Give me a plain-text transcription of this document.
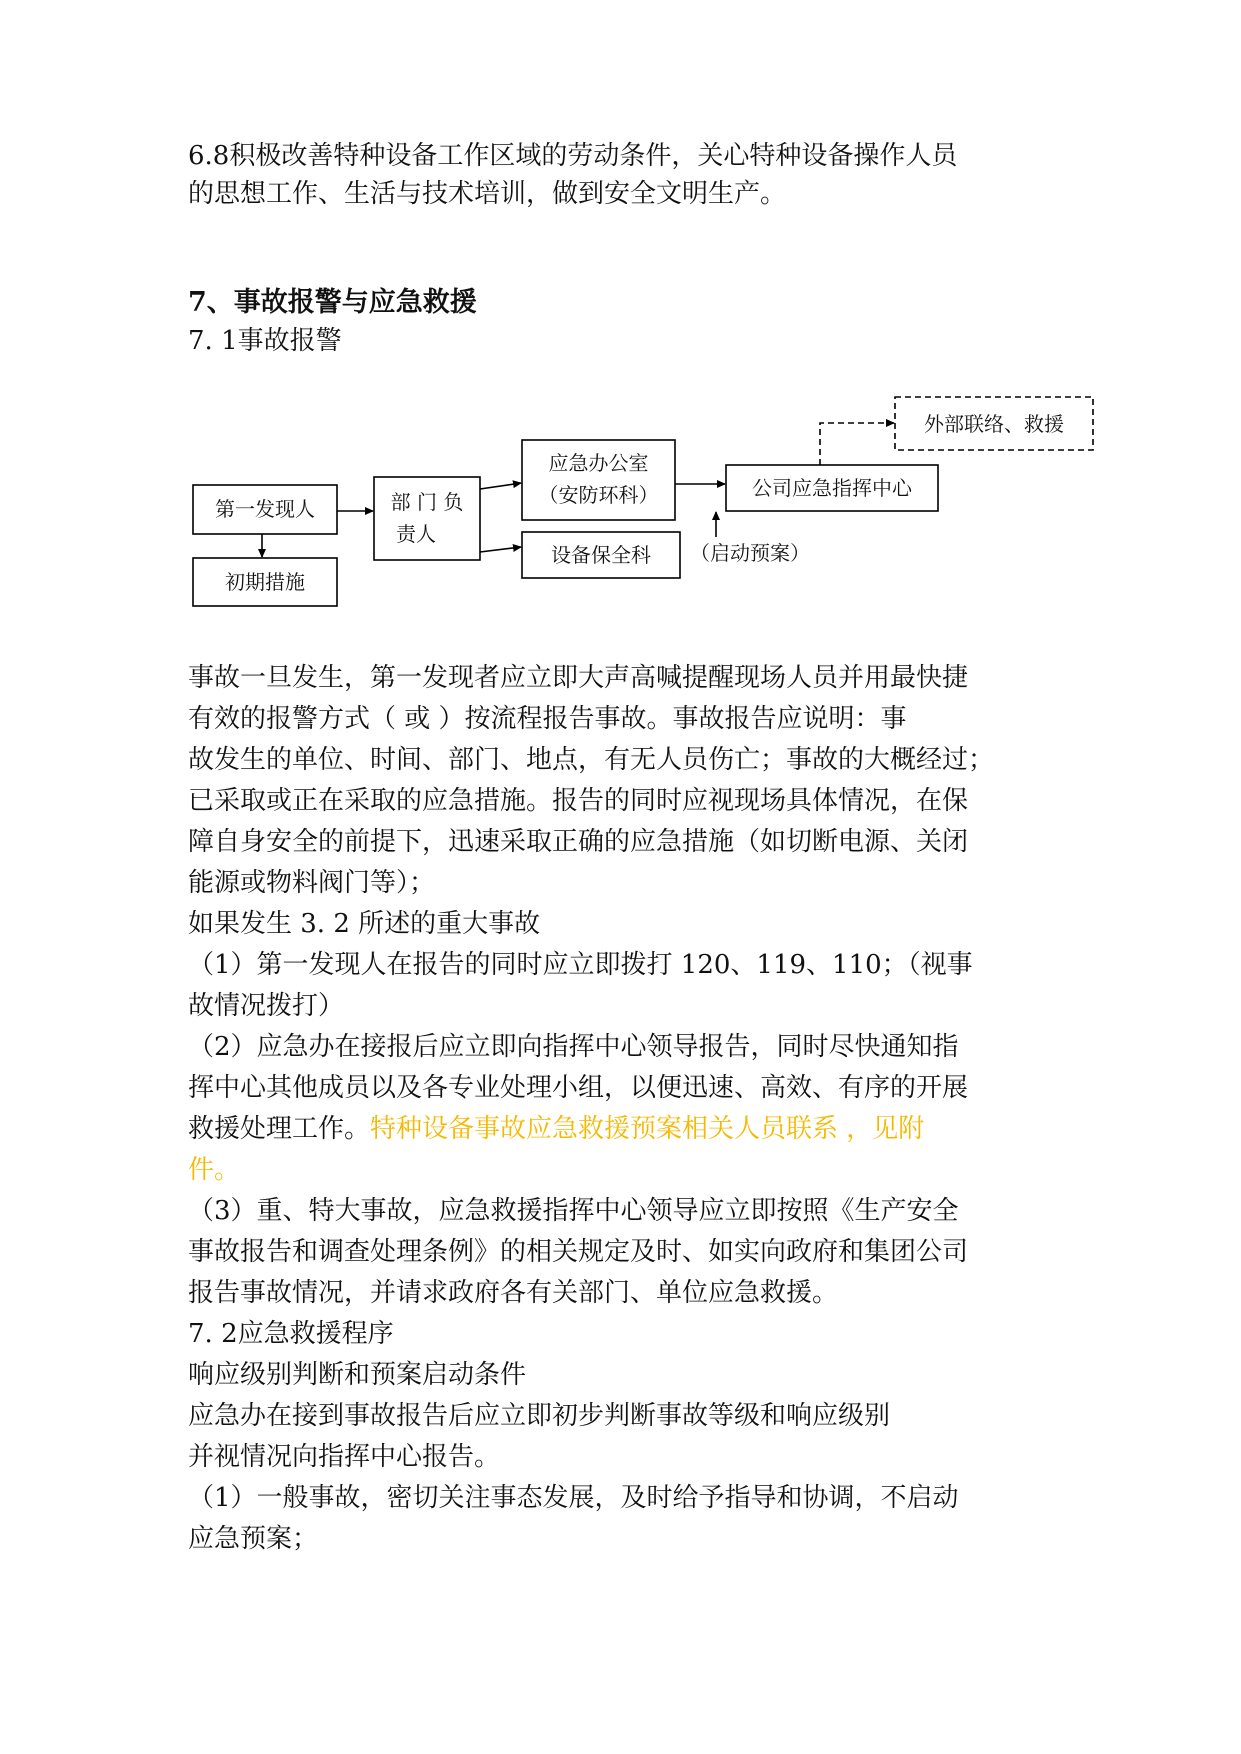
6.8积极改善特种设备工作区域的劳动条件，关心特种设备操作人员
的思想工作、生活与技术培训，做到安全文明生产。
7、事故报警与应急救援
7. 1事故报警
第一发现人
初期措施
部 门 负
责人
应急办公室
（安防环科）
设备保全科
公司应急指挥中心
外部联络、救援
（启动预案）
事故一旦发生，第一发现者应立即大声高喊提醒现场人员并用最快捷
有效的报警方式（ 或 ）按流程报告事故。事故报告应说明：事
故发生的单位、时间、部门、地点，有无人员伤亡；事故的大概经过；
已采取或正在采取的应急措施。报告的同时应视现场具体情况，在保
障自身安全的前提下，迅速采取正确的应急措施（如切断电源、关闭
能源或物料阀门等）；
如果发生 3. 2 所述的重大事故
（1）第一发现人在报告的同时应立即拨打 120、119、110；（视事
故情况拨打）
（2）应急办在接报后应立即向指挥中心领导报告，同时尽快通知指
挥中心其他成员以及各专业处理小组，以便迅速、高效、有序的开展
救援处理工作。特种设备事故应急救援预案相关人员联系 ，见附
件。
（3）重、特大事故，应急救援指挥中心领导应立即按照《生产安全
事故报告和调查处理条例》的相关规定及时、如实向政府和集团公司
报告事故情况，并请求政府各有关部门、单位应急救援。
7. 2应急救援程序
响应级别判断和预案启动条件
应急办在接到事故报告后应立即初步判断事故等级和响应级别
并视情况向指挥中心报告。
（1）一般事故，密切关注事态发展，及时给予指导和协调，不启动
应急预案；
